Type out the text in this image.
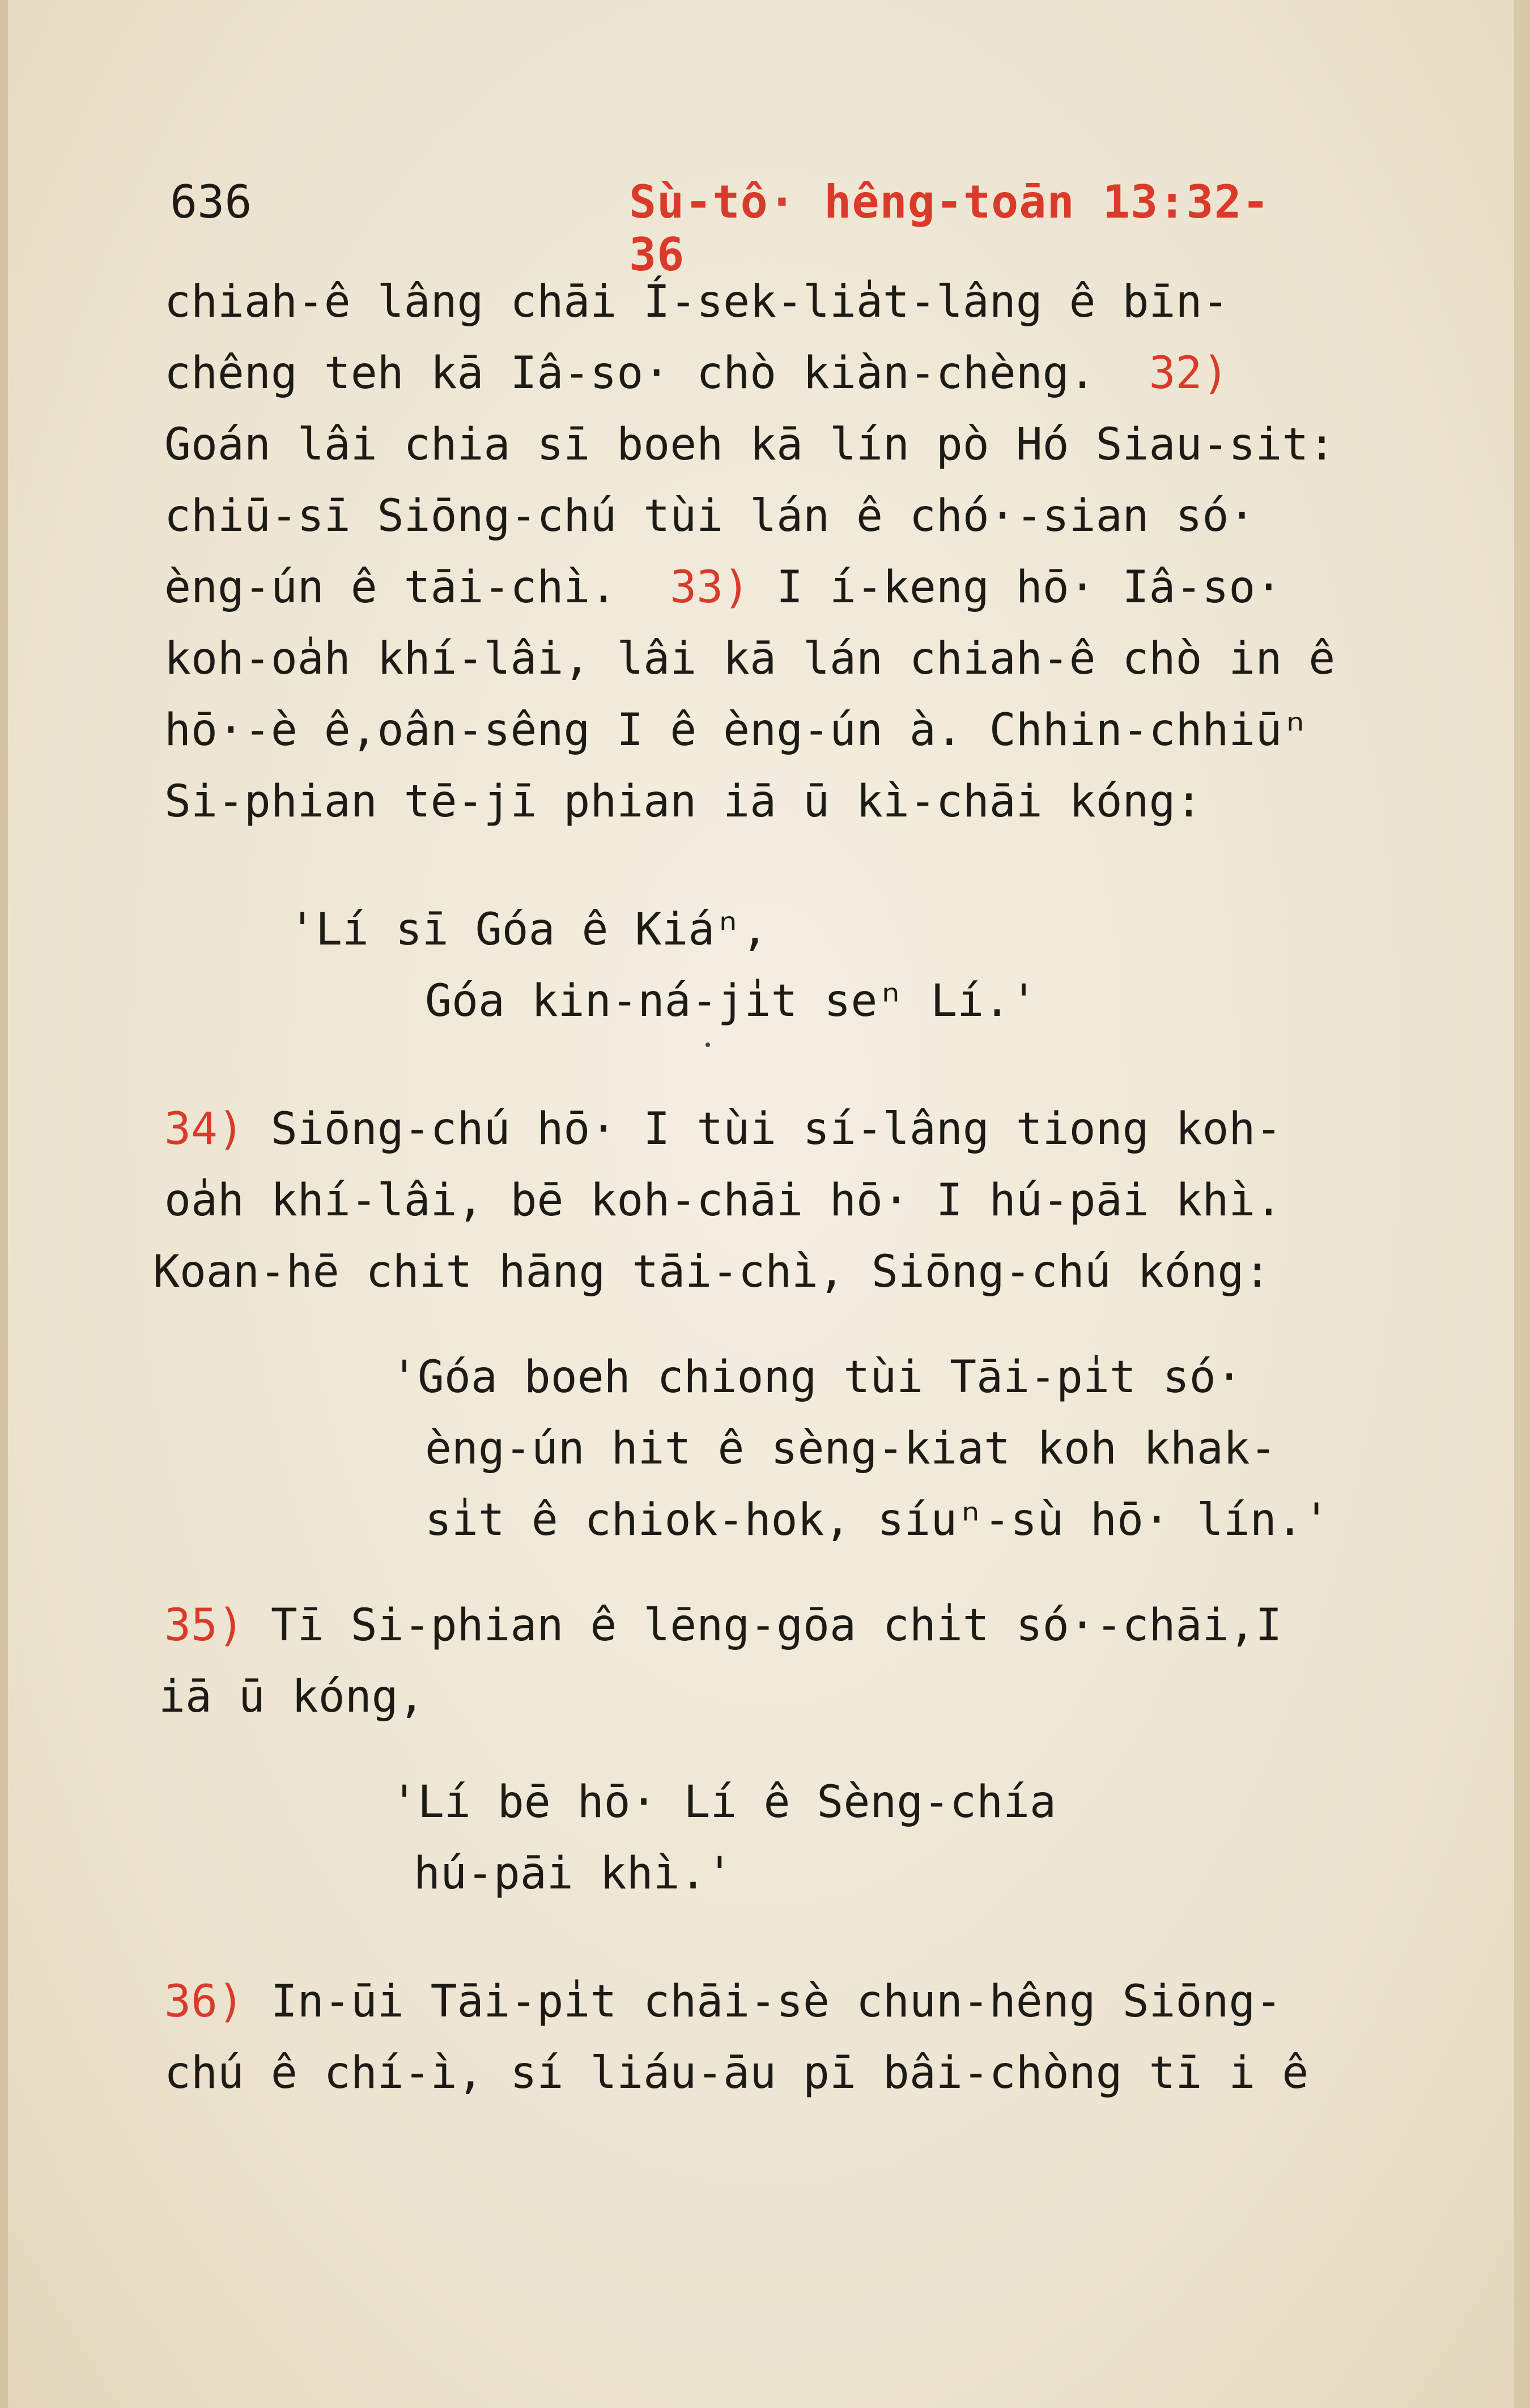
636	Sù-tô· hêng-toān 13:32-36
chiah-ê lâng chāi Í-sek-lia̍t-lâng ê bīn-
chêng teh kā Iâ-so· chò kiàn-chèng.  32)
Goán lâi chia sī boeh kā lín pò Hó Siau-sit:
chiū-sī Siōng-chú tùi lán ê chó·-sian só·
èng-ún ê tāi-chì.  33) I í-keng hō· Iâ-so·
koh-oa̍h khí-lâi, lâi kā lán chiah-ê chò in ê
hō·-è ê,oân-sêng I ê èng-ún à. Chhin-chhiūⁿ
Si-phian tē-jī phian iā ū kì-chāi kóng:
'Lí sī Góa ê Kiáⁿ,
Góa kin-ná-ji̍t seⁿ Lí.'
34) Siōng-chú hō· I tùi sí-lâng tiong koh-
oa̍h khí-lâi, bē koh-chāi hō· I hú-pāi khì.
Koan-hē chit hāng tāi-chì, Siōng-chú kóng:
'Góa boeh chiong tùi Tāi-pi̍t só·
èng-ún hit ê sèng-kiat koh khak-
si̍t ê chiok-hok, síuⁿ-sù hō· lín.'
35) Tī Si-phian ê lēng-gōa chi̍t só·-chāi,I
iā ū kóng,
'Lí bē hō· Lí ê Sèng-chía
hú-pāi khì.'
36) In-ūi Tāi-pi̍t chāi-sè chun-hêng Siōng-
chú ê chí-ì, sí liáu-āu pī bâi-chòng tī i ê
